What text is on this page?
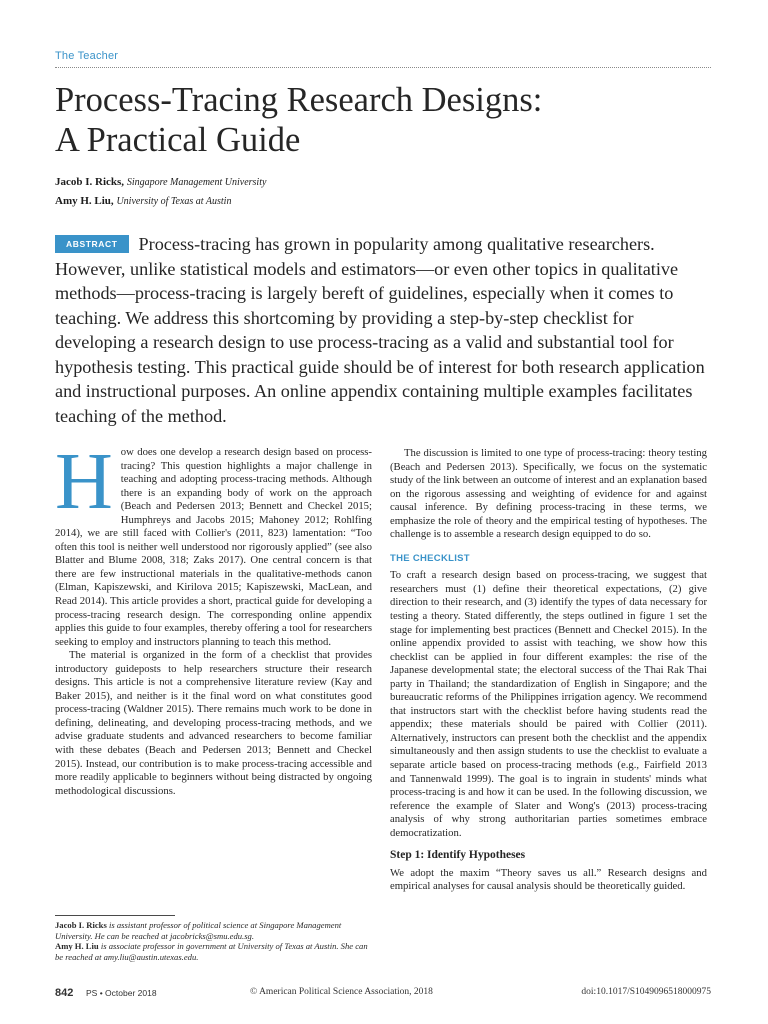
The Teacher
Process-Tracing Research Designs:
A Practical Guide
Jacob I. Ricks, Singapore Management University
Amy H. Liu, University of Texas at Austin
ABSTRACT Process-tracing has grown in popularity among qualitative researchers. However, unlike statistical models and estimators—or even other topics in qualitative methods—process-tracing is largely bereft of guidelines, especially when it comes to teaching. We address this shortcoming by providing a step-by-step checklist for developing a research design to use process-tracing as a valid and substantial tool for hypothesis testing. This practical guide should be of interest for both research application and instructional purposes. An online appendix containing multiple examples facilitates teaching of the method.

How does one develop a research design based on process-tracing? This question highlights a major challenge in teaching and adopting process-tracing methods. Although there is an expanding body of work on the approach (Beach and Pedersen 2013; Bennett and Checkel 2015; Humphreys and Jacobs 2015; Mahoney 2012; Rohlfing 2014), we are still faced with Collier's (2011, 823) lamentation: “Too often this tool is neither well understood nor rigorously applied” (see also Blatter and Blume 2008, 318; Zaks 2017). One central concern is that there are few instructional materials in the qualitative-methods canon (Elman, Kapiszewski, and Kirilova 2015; Kapiszewski, MacLean, and Read 2014). This article provides a short, practical guide for developing a process-tracing research design. The corresponding online appendix applies this guide to four examples, thereby offering a tool for researchers seeking to employ and instructors planning to teach this method.

The material is organized in the form of a checklist that provides introductory guideposts to help researchers structure their research designs. This article is not a comprehensive literature review (Kay and Baker 2015), and neither is it the final word on what constitutes good process-tracing (Waldner 2015). There remains much work to be done in defining, delineating, and developing process-tracing methods, and we advise graduate students and advanced researchers to become familiar with these debates (Beach and Pedersen 2013; Bennett and Checkel 2015). Instead, our contribution is to make process-tracing accessible and more readily applicable to beginners without being distracted by ongoing methodological discussions.

The discussion is limited to one type of process-tracing: theory testing (Beach and Pedersen 2013). Specifically, we focus on the systematic study of the link between an outcome of interest and an explanation based on the rigorous assessing and weighting of evidence for and against causal inference. By defining process-tracing in these terms, we emphasize the role of theory and the empirical testing of hypotheses. The challenge is to assemble a research design equipped to do so.

THE CHECKLIST

To craft a research design based on process-tracing, we suggest that researchers must (1) define their theoretical expectations, (2) give direction to their research, and (3) identify the types of data necessary for testing a theory. Stated differently, the steps outlined in figure 1 set the stage for implementing best practices (Bennett and Checkel 2015). In the online appendix provided to assist with teaching, we show how this checklist can be applied in four different examples: the rise of the Japanese developmental state; the electoral success of the Thai Rak Thai party in Thailand; the standardization of English in Singapore; and the bureaucratic reforms of the Philippines irrigation agency. We recommend that instructors start with the checklist before having students read the appendix; these materials should be paired with Collier (2011). Alternatively, instructors can present both the checklist and the appendix simultaneously and then assign students to use the checklist to evaluate a separate article based on process-tracing methods (e.g., Fairfield 2013 and Tannenwald 1999). The goal is to ingrain in students' minds what process-tracing is and how it can be used. In the following discussion, we reference the example of Slater and Wong's (2013) process-tracing analysis of why strong authoritarian parties sometimes embrace democratization.

Step 1: Identify Hypotheses

We adopt the maxim “Theory saves us all.” Research designs and empirical analyses for causal analysis should be theoretically guided.

Jacob I. Ricks is assistant professor of political science at Singapore Management University. He can be reached at jacobricks@smu.edu.sg.
Amy H. Liu is associate professor in government at University of Texas at Austin. She can be reached at amy.liu@austin.utexas.edu.
842 PS • October 2018	© American Political Science Association, 2018	doi:10.1017/S1049096518000975
